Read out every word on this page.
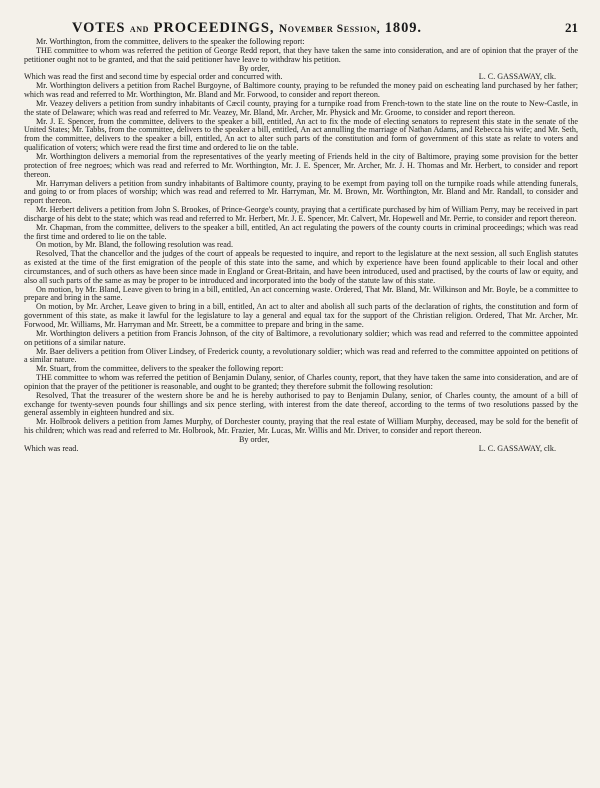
VOTES and PROCEEDINGS, November Session, 1809.	21

Mr. Worthington, from the committee, delivers to the speaker the following report:

THE committee to whom was referred the petition of George Redd report, that they have taken the same into consideration, and are of opinion that the prayer of the petitioner ought not to be granted, and that the said petitioner have leave to withdraw his petition.

By order,
Which was read the first and second time by especial order and concurred with.	L. C. GASSAWAY, clk.

Mr. Worthington delivers a petition from Rachel Burgoyne, of Baltimore county, praying to be refunded the money paid on escheating land purchased by her father; which was read and referred to Mr. Worthington, Mr. Bland and Mr. Forwood, to consider and report thereon.

Mr. Veazey delivers a petition from sundry inhabitants of Cæcil county, praying for a turnpike road from French-town to the state line on the route to New-Castle, in the state of Delaware; which was read and referred to Mr. Veazey, Mr. Bland, Mr. Archer, Mr. Physick and Mr. Groome, to consider and report thereon.

Mr. J. E. Spencer, from the committee, delivers to the speaker a bill, entitled, An act to fix the mode of electing senators to represent this state in the senate of the United States; Mr. Tabbs, from the committee, delivers to the speaker a bill, entitled, An act annulling the marriage of Nathan Adams, and Rebecca his wife; and Mr. Seth, from the committee, delivers to the speaker a bill, entitled, An act to alter such parts of the constitution and form of government of this state as relate to voters and qualification of voters; which were read the first time and ordered to lie on the table.

Mr. Worthington delivers a memorial from the representatives of the yearly meeting of Friends held in the city of Baltimore, praying some provision for the better protection of free negroes; which was read and referred to Mr. Worthington, Mr. J. E. Spencer, Mr. Archer, Mr. J. H. Thomas and Mr. Herbert, to consider and report thereon.

Mr. Harryman delivers a petition from sundry inhabitants of Baltimore county, praying to be exempt from paying toll on the turnpike roads while attending funerals, and going to or from places of worship; which was read and referred to Mr. Harryman, Mr. M. Brown, Mr. Worthington, Mr. Bland and Mr. Randall, to consider and report thereon.

Mr. Herbert delivers a petition from John S. Brookes, of Prince-George's county, praying that a certificate purchased by him of William Perry, may be received in part discharge of his debt to the state; which was read and referred to Mr. Herbert, Mr. J. E. Spencer, Mr. Calvert, Mr. Hopewell and Mr. Perrie, to consider and report thereon.

Mr. Chapman, from the committee, delivers to the speaker a bill, entitled, An act regulating the powers of the county courts in criminal proceedings; which was read the first time and ordered to lie on the table.

On motion, by Mr. Bland, the following resolution was read.

Resolved, That the chancellor and the judges of the court of appeals be requested to inquire, and report to the legislature at the next session, all such English statutes as existed at the time of the first emigration of the people of this state into the same, and which by experience have been found applicable to their local and other circumstances, and of such others as have been since made in England or Great-Britain, and have been introduced, used and practised, by the courts of law or equity, and also all such parts of the same as may be proper to be introduced and incorporated into the body of the statute law of this state.

On motion, by Mr. Bland, Leave given to bring in a bill, entitled, An act concerning waste. Ordered, That Mr. Bland, Mr. Wilkinson and Mr. Boyle, be a committee to prepare and bring in the same.

On motion, by Mr. Archer, Leave given to bring in a bill, entitled, An act to alter and abolish all such parts of the declaration of rights, the constitution and form of government of this state, as make it lawful for the legislature to lay a general and equal tax for the support of the Christian religion. Ordered, That Mr. Archer, Mr. Forwood, Mr. Williams, Mr. Harryman and Mr. Streett, be a committee to prepare and bring in the same.

Mr. Worthington delivers a petition from Francis Johnson, of the city of Baltimore, a revolutionary soldier; which was read and referred to the committee appointed on petitions of a similar nature.

Mr. Baer delivers a petition from Oliver Lindsey, of Frederick county, a revolutionary soldier; which was read and referred to the committee appointed on petitions of a similar nature.

Mr. Stuart, from the committee, delivers to the speaker the following report:

THE committee to whom was referred the petition of Benjamin Dulany, senior, of Charles county, report, that they have taken the same into consideration, and are of opinion that the prayer of the petitioner is reasonable, and ought to be granted; they therefore submit the following resolution:

Resolved, That the treasurer of the western shore be and he is hereby authorised to pay to Benjamin Dulany, senior, of Charles county, the amount of a bill of exchange for twenty-seven pounds four shillings and six pence sterling, with interest from the date thereof, according to the terms of two resolutions passed by the general assembly in eighteen hundred and six.

Mr. Holbrook delivers a petition from James Murphy, of Dorchester county, praying that the real estate of William Murphy, deceased, may be sold for the benefit of his children; which was read and referred to Mr. Holbrook, Mr. Frazier, Mr. Lucas, Mr. Willis and Mr. Driver, to consider and report thereon.

By order,
Which was read.	L. C. GASSAWAY, clk.
